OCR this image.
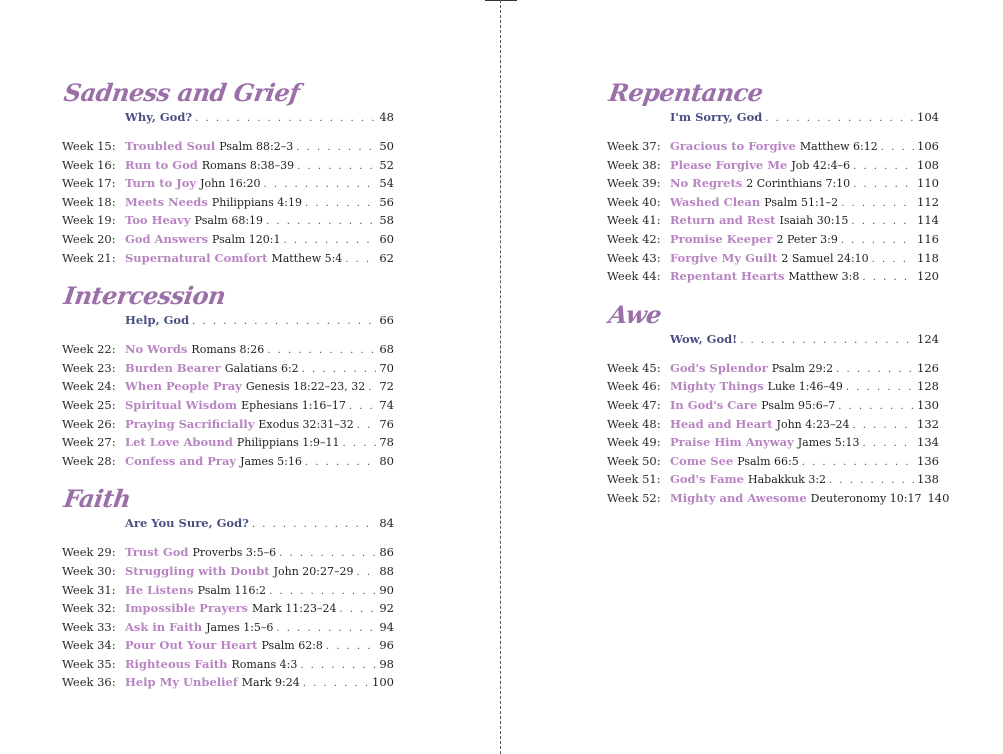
Sadness and Grief
Why, God? . . .	48
Week 15: Troubled Soul Psalm 88:2–3 . . .	50
Week 16: Run to God Romans 8:38–39 . . .	52
Week 17: Turn to Joy John 16:20 . . .	54
Week 18: Meets Needs Philippians 4:19 . . .	56
Week 19: Too Heavy Psalm 68:19 . . .	58
Week 20: God Answers Psalm 120:1 . . .	60
Week 21: Supernatural Comfort Matthew 5:4 . . .	62
Intercession
Help, God . . .	66
Week 22: No Words Romans 8:26 . . .	68
Week 23: Burden Bearer Galatians 6:2 . . .	70
Week 24: When People Pray Genesis 18:22–23, 32 . . . 72
Week 25: Spiritual Wisdom Ephesians 1:16–17 . . .	74
Week 26: Praying Sacrificially Exodus 32:31–32 . . . 76
Week 27: Let Love Abound Philippians 1:9–11 . . .	78
Week 28: Confess and Pray James 5:16 . . .	80
Faith
Are You Sure, God? . . .	84
Week 29: Trust God Proverbs 3:5–6 . . .	86
Week 30: Struggling with Doubt John 20:27–29 . . . 88
Week 31: He Listens Psalm 116:2 . . .	90
Week 32: Impossible Prayers Mark 11:23–24 . . .	92
Week 33: Ask in Faith James 1:5–6 . . .	94
Week 34: Pour Out Your Heart Psalm 62:8 . . .	96
Week 35: Righteous Faith Romans 4:3 . . .	98
Week 36: Help My Unbelief Mark 9:24 . . .	100
Repentance
I'm Sorry, God . . .	104
Week 37: Gracious to Forgive Matthew 6:12 . . .	106
Week 38: Please Forgive Me Job 42:4–6 . . .	108
Week 39: No Regrets 2 Corinthians 7:10 . . .	110
Week 40: Washed Clean Psalm 51:1–2 . . .	112
Week 41: Return and Rest Isaiah 30:15 . . .	114
Week 42: Promise Keeper 2 Peter 3:9 . . .	116
Week 43: Forgive My Guilt 2 Samuel 24:10 . . .	118
Week 44: Repentant Hearts Matthew 3:8 . . .	120
Awe
Wow, God! . . .	124
Week 45: God's Splendor Psalm 29:2 . . .	126
Week 46: Mighty Things Luke 1:46–49 . . .	128
Week 47: In God's Care Psalm 95:6–7 . . .	130
Week 48: Head and Heart John 4:23–24 . . .	132
Week 49: Praise Him Anyway James 5:13 . . .	134
Week 50: Come See Psalm 66:5 . . .	136
Week 51: God's Fame Habakkuk 3:2 . . .	138
Week 52: Mighty and Awesome Deuteronomy 10:17 140
